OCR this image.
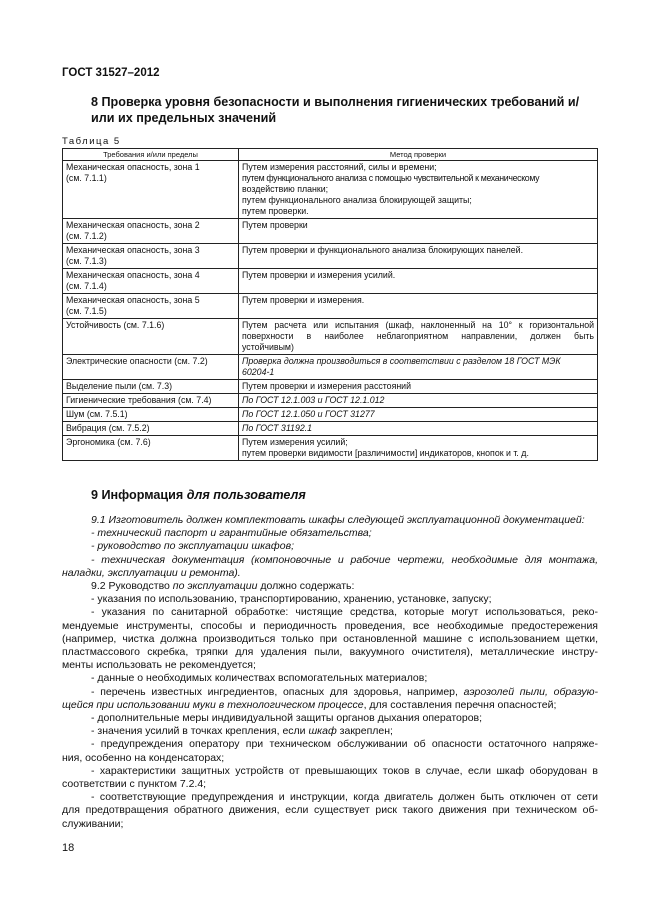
ГОСТ 31527–2012
8 Проверка уровня безопасности и выполнения гигиенических требований и/или их предельных значений
Таблица 5
Требования и/или пределы	Метод проверки

Механическая опасность, зона 1
(см. 7.1.1)	Путем измерения расстояний, силы и времени;
путем функционального анализа с помощью чувствительной к механическому
воздействию планки;
путем функционального анализа блокирующей защиты;
путем проверки.

Механическая опасность, зона 2
(см. 7.1.2)	Путем проверки

Механическая опасность, зона 3
(см. 7.1.3)	Путем проверки и функционального анализа блокирующих панелей.

Механическая опасность, зона 4
(см. 7.1.4)	Путем проверки и измерения усилий.

Механическая опасность, зона 5
(см. 7.1.5)	Путем проверки и измерения.

Устойчивость (см. 7.1.6)	Путем расчета или испытания (шкаф, наклоненный на 10° к горизонтальной
поверхности в наиболее неблагоприятном направлении, должен быть
устойчивым)

Электрические опасности (см. 7.2)	Проверка должна производиться в соответствии с разделом 18 ГОСТ МЭК
60204-1

Выделение пыли (см. 7.3)	Путем проверки и измерения расстояний

Гигиенические требования (см. 7.4)	По ГОСТ 12.1.003 и ГОСТ 12.1.012

Шум (см. 7.5.1)	По ГОСТ 12.1.050 и ГОСТ 31277

Вибрация (см. 7.5.2)	По ГОСТ 31192.1

Эргономика (см. 7.6)	Путем измерения усилий;
путем проверки видимости [различимости] индикаторов, кнопок и т. д.
9 Информация для пользователя
9.1 Изготовитель должен комплектовать шкафы следующей эксплуатационной документацией:
- технический паспорт и гарантийные обязательства;
- руководство по эксплуатации шкафов;
- техническая документация (компоновочные и рабочие чертежи, необходимые для монтажа,
наладки, эксплуатации и ремонта).
9.2 Руководство по эксплуатации должно содержать:
- указания по использованию, транспортированию, хранению, установке, запуску;
- указания по санитарной обработке: чистящие средства, которые могут использоваться, реко-
мендуемые инструменты, способы и периодичность проведения, все необходимые предостережения
(например, чистка должна производиться только при остановленной машине с использованием щетки,
пластмассового скребка, тряпки для удаления пыли, вакуумного очистителя), металлические инстру-
менты использовать не рекомендуется;
- данные о необходимых количествах вспомогательных материалов;
- перечень известных ингредиентов, опасных для здоровья, например, аэрозолей пыли, образую-
щейся при использовании муки в технологическом процессе, для составления перечня опасностей;
- дополнительные меры индивидуальной защиты органов дыхания операторов;
- значения усилий в точках крепления, если шкаф закреплен;
- предупреждения оператору при техническом обслуживании об опасности остаточного напряже-
ния, особенно на конденсаторах;
- характеристики защитных устройств от превышающих токов в случае, если шкаф оборудован в
соответствии с пунктом 7.2.4;
- соответствующие предупреждения и инструкции, когда двигатель должен быть отключен от сети
для предотвращения обратного движения, если существует риск такого движения при техническом об-
служивании;
18
